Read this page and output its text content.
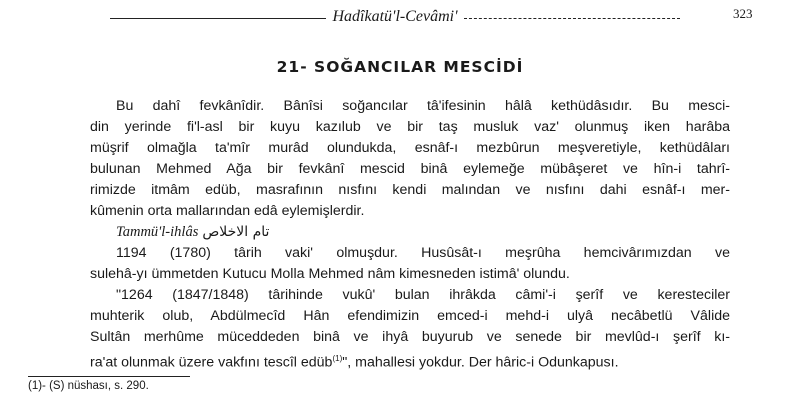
Hadîkatü'l-Cevâmi'	323
21- SOĞANCILAR MESCİDİ
Bu dahî fevkânîdir. Bânîsi soğancılar tâ'ifesinin hâlâ kethüdâsıdır. Bu mesci-
din yerinde fi'l-asl bir kuyu kazılub ve bir taş musluk vaz' olunmuş iken harâba
müşrif olmağla ta'mîr murâd olundukda, esnâf-ı mezbûrun meşveretiyle, kethüdâları
bulunan Mehmed Ağa bir fevkânî mescid binâ eylemeğe mübâşeret ve hîn-i tahrî-
rimizde itmâm edüb, masrafının nısfını kendi malından ve nısfını dahi esnâf-ı mer-
kûmenin orta mallarından edâ eylemişlerdir.
Tammü'l-ihlâs تام الاخلاص
1194 (1780) târih vaki' olmuşdur. Husûsât-ı meşrûha hemcivârımızdan ve
sulehâ-yı ümmetden Kutucu Molla Mehmed nâm kimesneden istimâ' olundu.
"1264 (1847/1848) târihinde vukû' bulan ihrâkda câmi'-i şerîf ve keresteciler
muhterik olub, Abdülmecîd Hân efendimizin emced-i mehd-i ulyâ necâbetlü Vâlide
Sultân merhûme müceddeden binâ ve ihyâ buyurub ve senede bir mevlûd-ı şerîf kı-
ra'at olunmak üzere vakfını tescîl edüb$^{(1)}$", mahallesi yokdur. Der hâric-i Odunkapusı.
(1)- (S) nüshası, s. 290.
